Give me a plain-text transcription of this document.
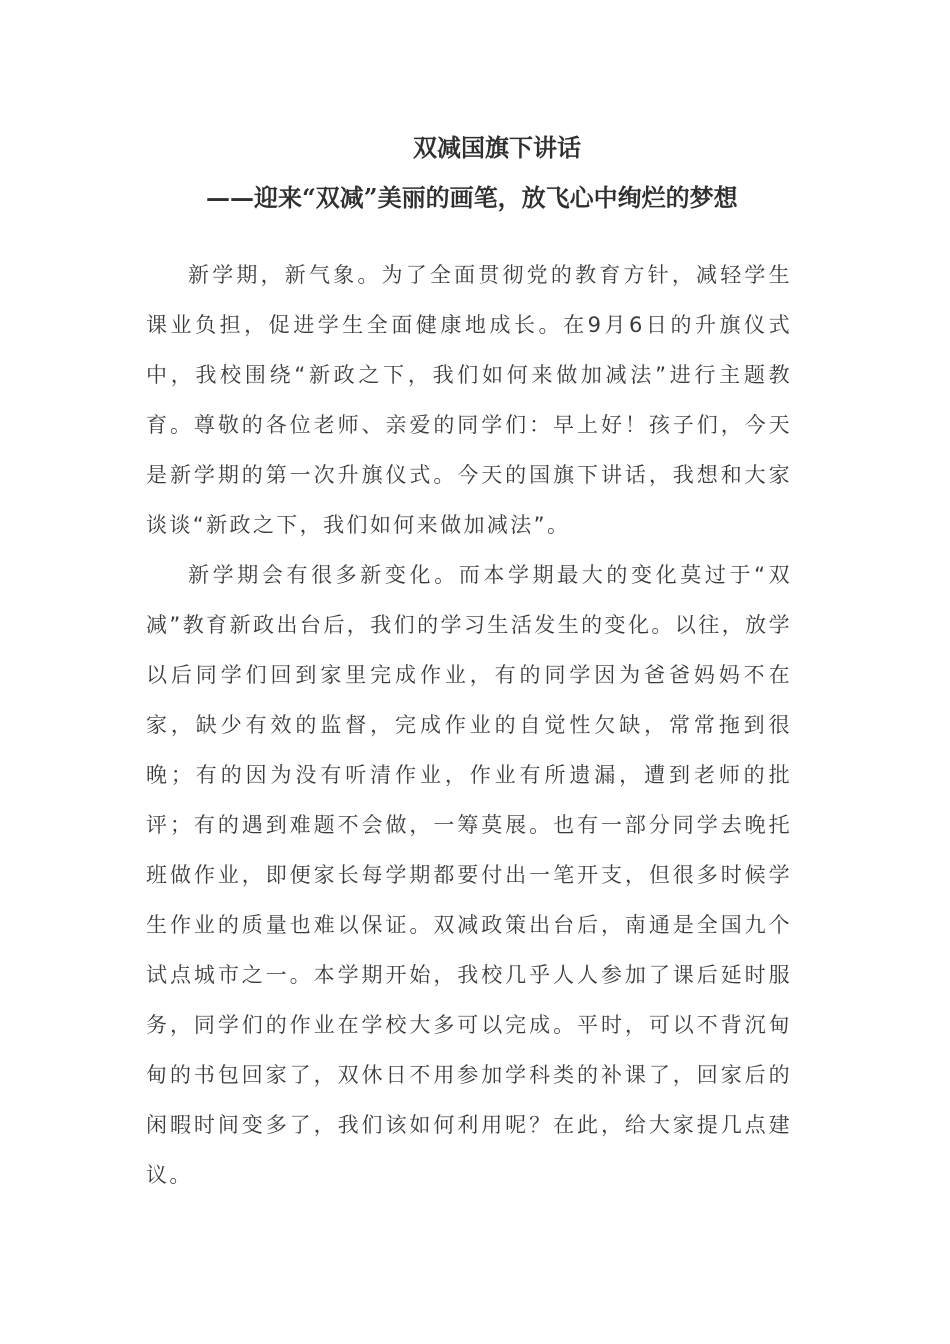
双减国旗下讲话
——迎来“双减”美丽的画笔，放飞心中绚烂的梦想

新学期，新气象。为了全面贯彻党的教育方针，减轻学生课业负担，促进学生全面健康地成长。在9月6日的升旗仪式中，我校围绕“新政之下，我们如何来做加减法”进行主题教育。尊敬的各位老师、亲爱的同学们：早上好！孩子们，今天是新学期的第一次升旗仪式。今天的国旗下讲话，我想和大家谈谈“新政之下，我们如何来做加减法”。

新学期会有很多新变化。而本学期最大的变化莫过于“双减”教育新政出台后，我们的学习生活发生的变化。以往，放学以后同学们回到家里完成作业，有的同学因为爸爸妈妈不在家，缺少有效的监督，完成作业的自觉性欠缺，常常拖到很晚；有的因为没有听清作业，作业有所遗漏，遭到老师的批评；有的遇到难题不会做，一筹莫展。也有一部分同学去晚托班做作业，即便家长每学期都要付出一笔开支，但很多时候学生作业的质量也难以保证。双减政策出台后，南通是全国九个试点城市之一。本学期开始，我校几乎人人参加了课后延时服务，同学们的作业在学校大多可以完成。平时，可以不背沉甸甸的书包回家了，双休日不用参加学科类的补课了，回家后的闲暇时间变多了，我们该如何利用呢？在此，给大家提几点建议。
